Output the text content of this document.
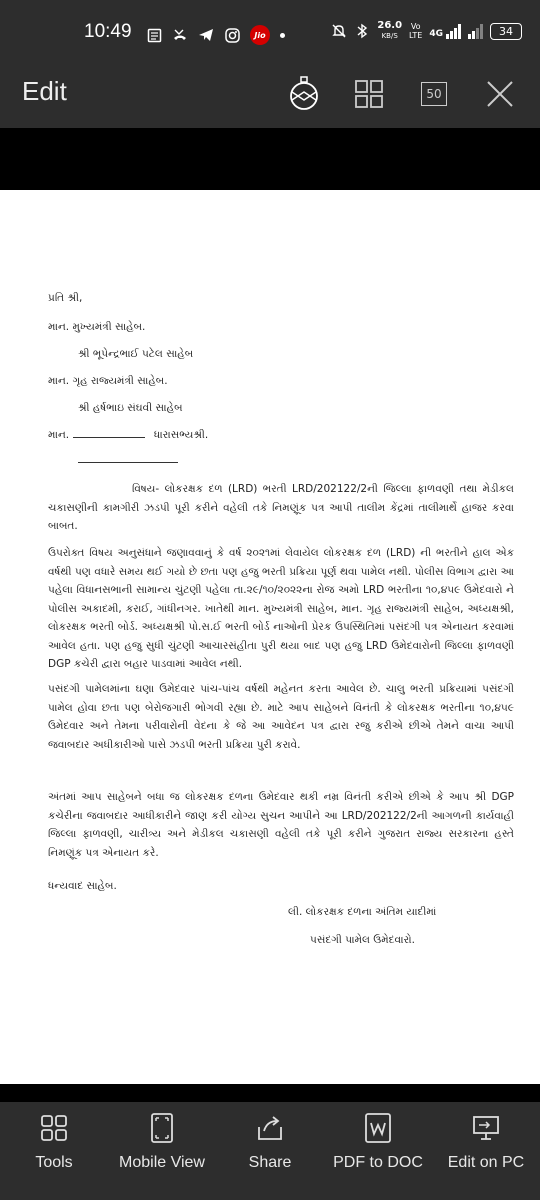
10:49	Jio
26.0
KB/S
Vo
LTE 4G	34
Edit	50
પ્રતિ શ્રી,
માન. મુખ્યમંત્રી સાહેબ.
શ્રી ભૂપેન્દ્રભાઈ પટેલ સાહેબ
માન. ગૃહ રાજ્યમંત્રી સાહેબ.
શ્રી હર્ષભાઇ સંઘવી સાહેબ
માન.	ધારાસભ્યશ્રી.
વિષય- લોકરક્ષક દળ (LRD) ભરતી LRD/202122/2ની જિલ્લા ફાળવણી તથા મેડીકલ ચકાસણીની કામગીરી ઝડપી પૂરી કરીને વહેલી તકે નિમણૂંક પત્ર આપી તાલીમ કેંદ્રમાં તાલીમાર્થે હાજર કરવા બાબત.
ઉપરોક્ત વિષય અનુસંધાને જણાવવાનું કે વર્ષ ૨૦૨૧માં લેવાયેલ લોકરક્ષક દળ (LRD) ની ભરતીને હાલ એક વર્ષથી પણ વધારે સમય થઈ ગયો છે છતા પણ હજુ ભરતી પ્રક્રિયા પૂર્ણ થવા પામેલ નથી. પોલીસ વિભાગ દ્વારા આ પહેલા વિધાનસભાની સામાન્ય ચુંટણી પહેલા તા.૨૯/૧૦/૨૦૨૨ના રોજ અમો LRD ભરતીના ૧૦,૪૫૯ ઉમેદવારો ને પોલીસ અકાદમી, કરાઈ, ગાંધીનગર. ખાતેથી માન. મુખ્યમંત્રી સાહેબ, માન. ગૃહ રાજ્યમંત્રી સાહેબ, અધ્યક્ષશ્રી, લોકરક્ષક ભરતી બોર્ડ. અધ્યક્ષશ્રી પો.સ.ઈ ભરતી બોર્ડ નાઓની પ્રેરક ઉપસ્થિતિમાં પસંદગી પત્ર એનાયત કરવામાં આવેલ હતા. પણ હજુ સુધી ચુંટણી આચારસંહીતા પુરી થયા બાદ પણ હજુ LRD ઉમેદવારોની જિલ્લા ફાળવણી DGP કચેરી દ્વારા બહાર પાડવામાં આવેલ નથી.
પસંદગી પામેલમાંના ઘણા ઉમેદવાર પાંચ-પાંચ વર્ષથી મહેનત કરતા આવેલ છે. ચાલુ ભરતી પ્રક્રિયામાં પસંદગી પામેલ હોવા છતા પણ બેરોજગારી ભોગવી રહ્યા છે. માટે આપ સાહેબને વિનંતી કે લોકરક્ષક ભરતીના ૧૦,૪૫૯ ઉમેદવાર અને તેમના પરીવારોની વેદના કે જે આ આવેદન પત્ર દ્વારા રજુ કરીએ છીએ તેમને વાચા આપી જવાબદાર અધીકારીઓ પાસે ઝડપી ભરતી પ્રક્રિયા પુરી કરાવે.
અંતમાં આપ સાહેબને બધા જ લોકરક્ષક દળના ઉમેદવાર થકી નમ્ર વિનંતી કરીએ છીએ કે આપ શ્રી DGP કચેરીના જવાબદાર આધીકારીને જાણ કરી યોગ્ય સુચન આપીને આ LRD/202122/2ની આગળની કાર્યવાહી જિલ્લા ફાળવણી, ચારીત્ર્ય અને મેડીકલ ચકાસણી વહેલી તકે પૂરી કરીને ગુજરાત રાજ્ય સરકારના હસ્તે નિમણૂંક પત્ર એનાયત કરે.
ધન્યવાદ સાહેબ.
લી. લોકરક્ષક દળના અંતિમ યાદીમાં
પસંદગી પામેલ ઉમેદવારો.
Tools	Mobile View	Share	PDF to DOC Edit on PC
